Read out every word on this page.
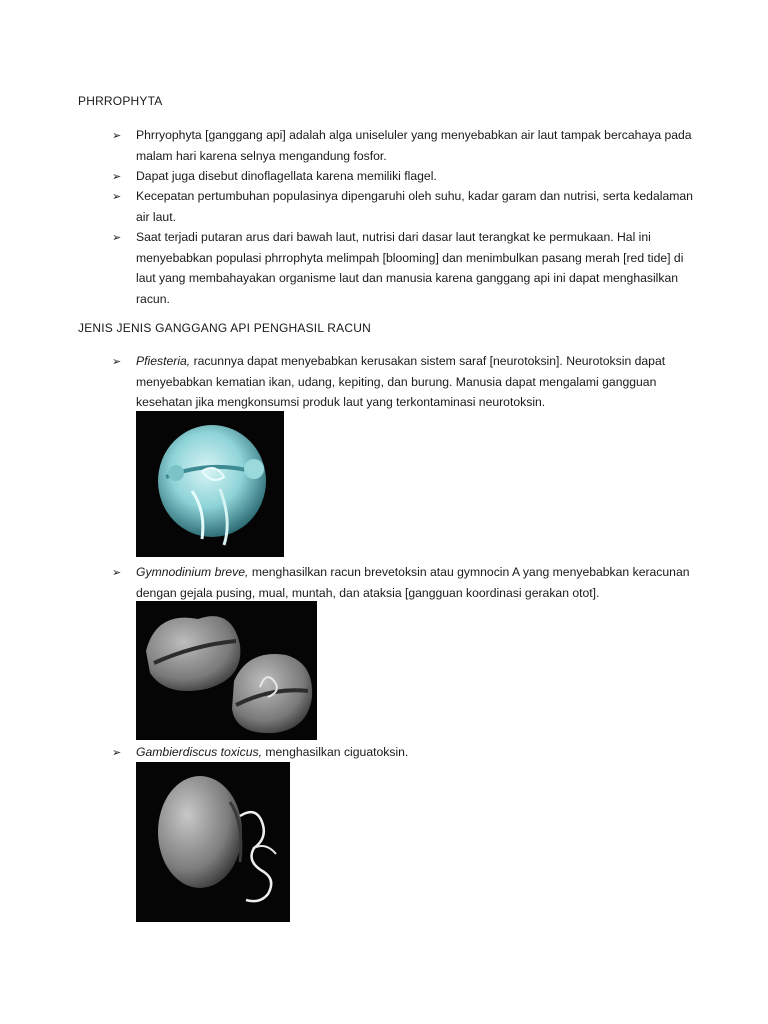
PHRROPHYTA
➢	Phrryophyta [ganggang api] adalah alga uniseluler yang menyebabkan air laut tampak bercahaya pada malam hari karena selnya mengandung fosfor.
➢	Dapat juga disebut dinoflagellata karena memiliki flagel.
➢	Kecepatan pertumbuhan populasinya dipengaruhi oleh suhu, kadar garam dan nutrisi, serta kedalaman air laut.
➢	Saat terjadi putaran arus dari bawah laut, nutrisi dari dasar laut terangkat ke permukaan. Hal ini menyebabkan populasi phrrophyta melimpah [blooming] dan menimbulkan pasang merah [red tide] di laut yang membahayakan organisme laut dan manusia karena ganggang api ini dapat menghasilkan racun.
JENIS JENIS GANGGANG API PENGHASIL RACUN
➢	Pfiesteria, racunnya dapat menyebabkan kerusakan sistem saraf [neurotoksin]. Neurotoksin dapat menyebabkan kematian ikan, udang, kepiting, dan burung. Manusia dapat mengalami gangguan kesehatan jika mengkonsumsi produk laut yang terkontaminasi neurotoksin.
➢	Gymnodinium breve, menghasilkan racun brevetoksin atau gymnocin A yang menyebabkan keracunan dengan gejala pusing, mual, muntah, dan ataksia [gangguan koordinasi gerakan otot].
➢	Gambierdiscus toxicus, menghasilkan ciguatoksin.
